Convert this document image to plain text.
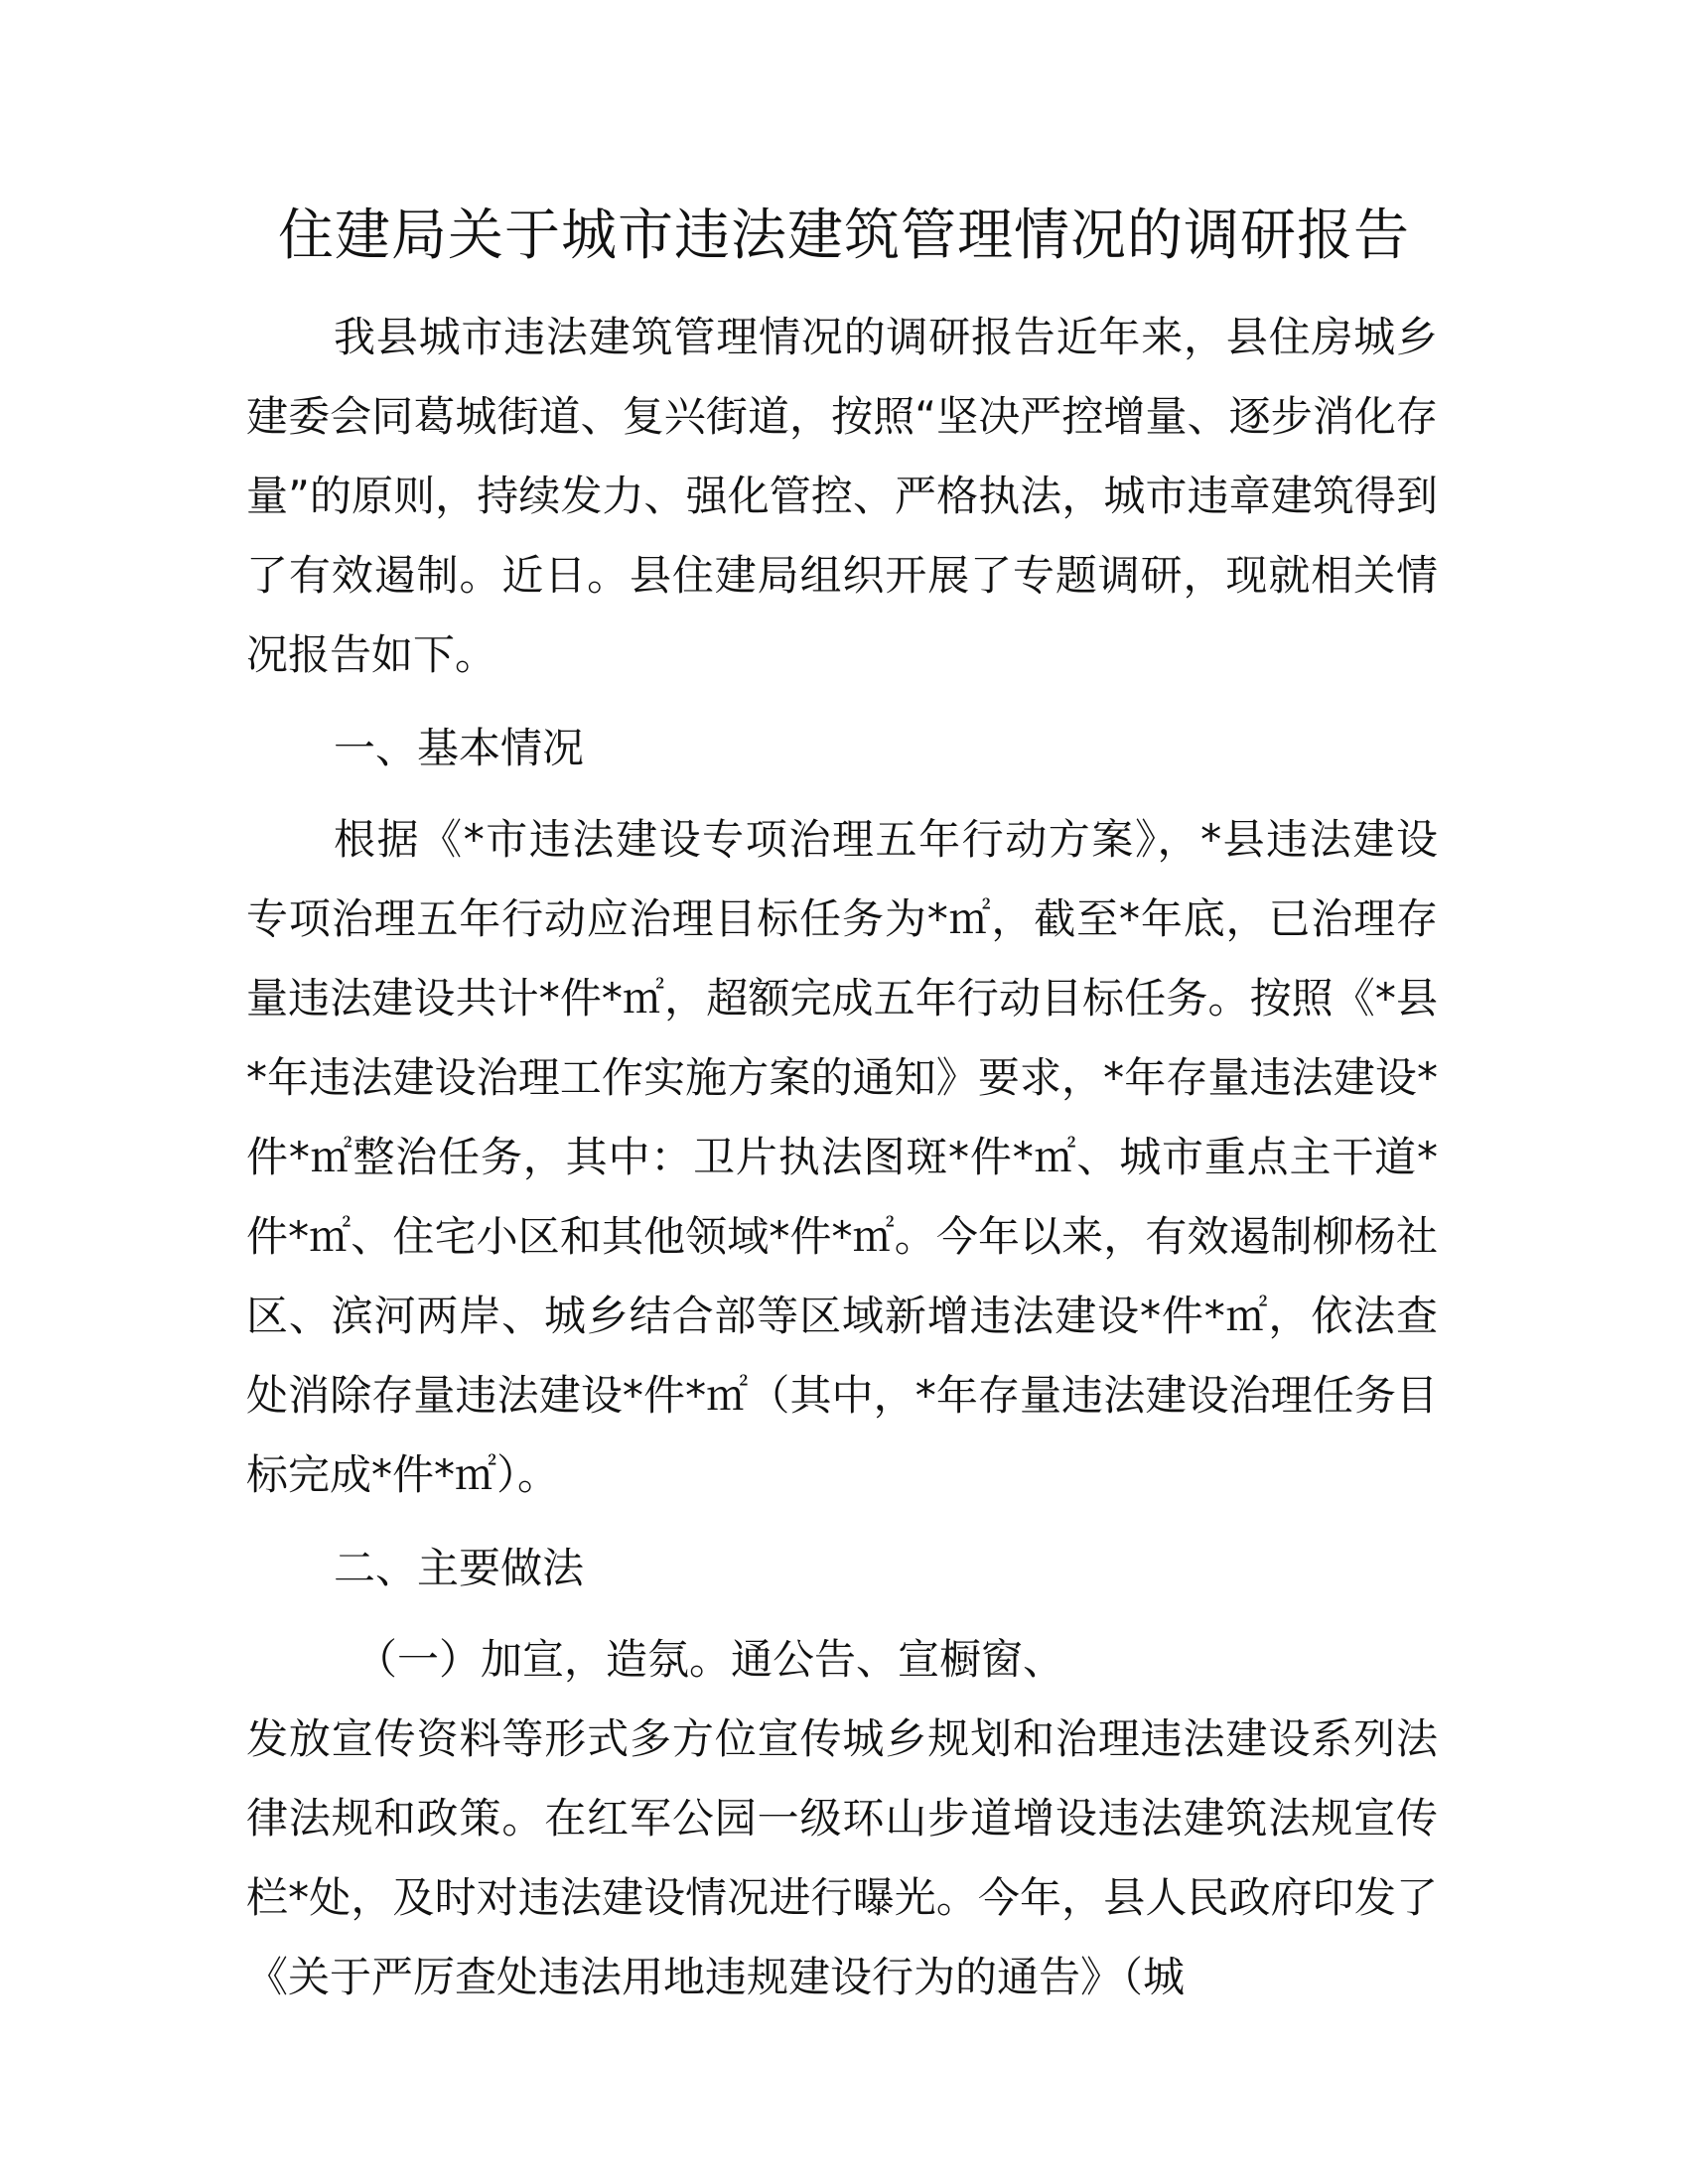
住建局关于城市违法建筑管理情况的调研报告

我县城市违法建筑管理情况的调研报告近年来，县住房城乡建委会同葛城街道、复兴街道，按照“坚决严控增量、逐步消化存量”的原则，持续发力、强化管控、严格执法，城市违章建筑得到了有效遏制。近日。县住建局组织开展了专题调研，现就相关情况报告如下。

一、基本情况

根据《*市违法建设专项治理五年行动方案》，*县违法建设专项治理五年行动应治理目标任务为*㎡，截至*年底，已治理存量违法建设共计*件*㎡，超额完成五年行动目标任务。按照《*县*年违法建设治理工作实施方案的通知》要求，*年存量违法建设*件*㎡整治任务，其中：卫片执法图斑*件*㎡、城市重点主干道*件*㎡、住宅小区和其他领域*件*㎡。今年以来，有效遏制柳杨社区、滨河两岸、城乡结合部等区域新增违法建设*件*㎡，依法查处消除存量违法建设*件*㎡（其中，*年存量违法建设治理任务目标完成*件*㎡）。

二、主要做法

（一）加宣，造氛。通公告、宣橱窗、

发放宣传资料等形式多方位宣传城乡规划和治理违法建设系列法律法规和政策。在红军公园一级环山步道增设违法建筑法规宣传栏*处，及时对违法建设情况进行曝光。今年，县人民政府印发了《关于严厉查处违法用地违规建设行为的通告》（城
